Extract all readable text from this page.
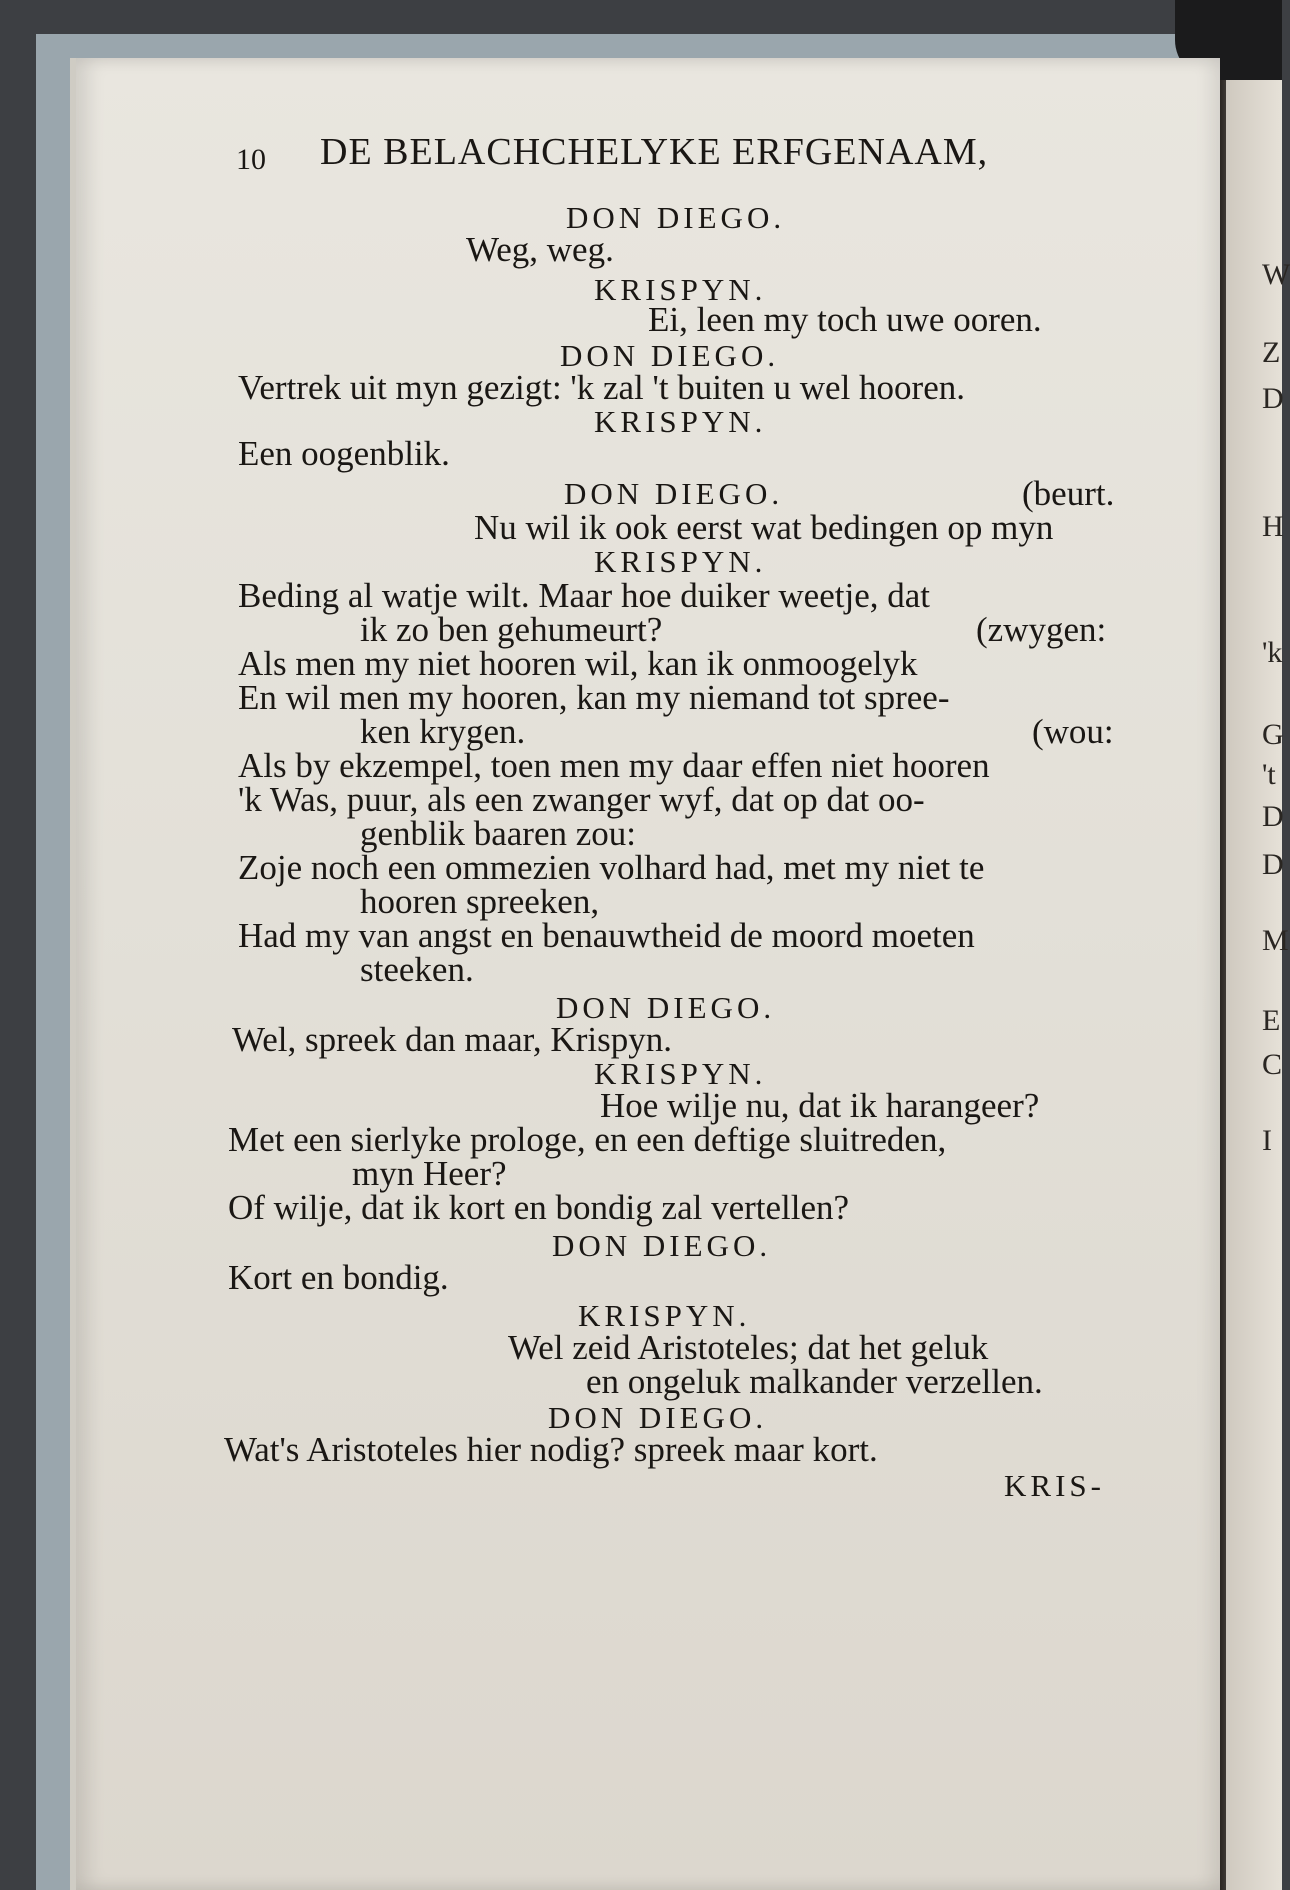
10 DE BELACHCHELYKE ERFGENAAM,
DON DIEGO.
Weg, weg.
KRISPYN.
Ei, leen my toch uwe ooren.
DON DIEGO.
Vertrek uit myn gezigt: 'k zal 't buiten u wel hooren.
KRISPYN.
Een oogenblik.
DON DIEGO.	(beurt.
Nu wil ik ook eerst wat bedingen op myn
KRISPYN.
Beding al watje wilt. Maar hoe duiker weetje, dat
ik zo ben gehumeurt?	(zwygen:
Als men my niet hooren wil, kan ik onmoogelyk
En wil men my hooren, kan my niemand tot spree-
ken krygen.	(wou:
Als by ekzempel, toen men my daar effen niet hooren
'k Was, puur, als een zwanger wyf, dat op dat oo-
genblik baaren zou:
Zoje noch een ommezien volhard had, met my niet te
hooren spreeken,
Had my van angst en benauwtheid de moord moeten
steeken.
DON DIEGO.
Wel, spreek dan maar, Krispyn.
KRISPYN.
Hoe wilje nu, dat ik harangeer?
Met een sierlyke prologe, en een deftige sluitreden,
myn Heer?
Of wilje, dat ik kort en bondig zal vertellen?
DON DIEGO.
Kort en bondig.
KRISPYN.
Wel zeid Aristoteles; dat het geluk
en ongeluk malkander verzellen.
DON DIEGO.
Wat's Aristoteles hier nodig? spreek maar kort.
KRIS-
W
Z
D
H
'k
G
't
D
D
M
E
C
I
